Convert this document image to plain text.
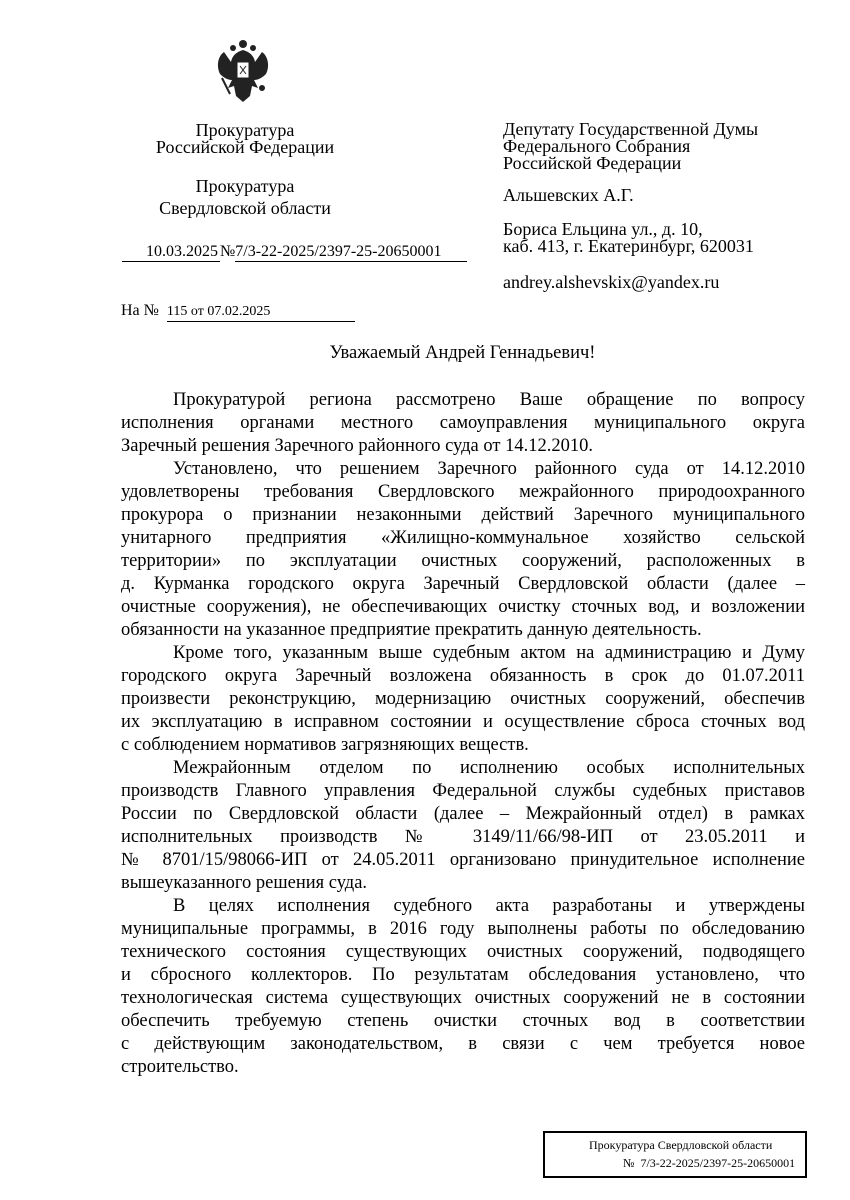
Прокуратура
Российской Федерации
Прокуратура
Свердловской области
10.03.2025 №7/3-22-2025/2397-25-20650001
На № 115 от 07.02.2025
Депутату Государственной Думы
Федерального Собрания
Российской Федерации
Альшевских А.Г.
Бориса Ельцина ул., д. 10,
каб. 413, г. Екатеринбург, 620031
andrey.alshevskix@yandex.ru
Уважаемый Андрей Геннадьевич!
Прокуратурой региона рассмотрено Ваше обращение по вопросу
исполнения органами местного самоуправления муниципального округа
Заречный решения Заречного районного суда от 14.12.2010.
Установлено, что решением Заречного районного суда от 14.12.2010
удовлетворены требования Свердловского межрайонного природоохранного
прокурора о признании незаконными действий Заречного муниципального
унитарного предприятия «Жилищно-коммунальное хозяйство сельской
территории» по эксплуатации очистных сооружений, расположенных в
д. Курманка городского округа Заречный Свердловской области (далее –
очистные сооружения), не обеспечивающих очистку сточных вод, и возложении
обязанности на указанное предприятие прекратить данную деятельность.
Кроме того, указанным выше судебным актом на администрацию и Думу
городского округа Заречный возложена обязанность в срок до 01.07.2011
произвести реконструкцию, модернизацию очистных сооружений, обеспечив
их эксплуатацию в исправном состоянии и осуществление сброса сточных вод
с соблюдением нормативов загрязняющих веществ.
Межрайонным отделом по исполнению особых исполнительных
производств Главного управления Федеральной службы судебных приставов
России по Свердловской области (далее – Межрайонный отдел) в рамках
исполнительных производств № 3149/11/66/98-ИП от 23.05.2011 и
№ 8701/15/98066-ИП от 24.05.2011 организовано принудительное исполнение
вышеуказанного решения суда.
В целях исполнения судебного акта разработаны и утверждены
муниципальные программы, в 2016 году выполнены работы по обследованию
технического состояния существующих очистных сооружений, подводящего
и сбросного коллекторов. По результатам обследования установлено, что
технологическая система существующих очистных сооружений не в состоянии
обеспечить требуемую степень очистки сточных вод в соответствии
с действующим законодательством, в связи с чем требуется новое
строительство.
Прокуратура Свердловской области
№ 7/3-22-2025/2397-25-20650001
